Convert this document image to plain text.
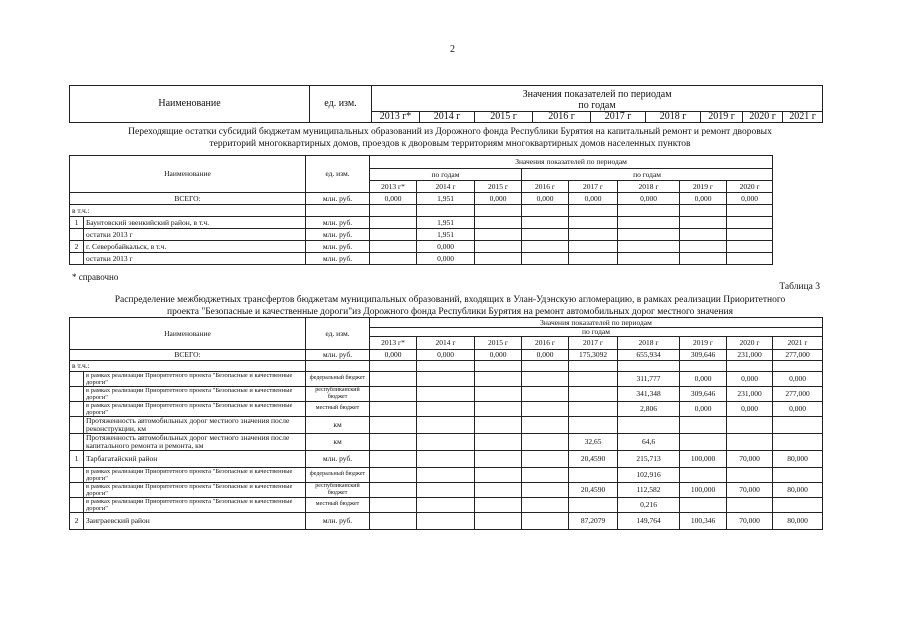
2
Наименование	ед. изм.	Значения показателей по периодам
по годам								

		2013 г*	2014 г	2015 г	2016 г	2017 г	2018 г	2019 г	2020 г	2021 г
Переходящие остатки субсидий бюджетам муниципальных образований из Дорожного фонда Республики Бурятия на капитальный ремонт и ремонт дворовых
территорий многоквартирных домов, проездов к дворовым территориям многоквартирных домов населенных пунктов
Наименование		ед. изм.	Значения показателей по периодам							
			по годам			по годам				
			2013 г*	2014 г	2015 г	2016 г	2017 г	2018 г	2019 г	2020 г
ВСЕГО:		млн. руб.	0,000	1,951	0,000	0,000	0,000	0,000	0,000	0,000
в т.ч.:										
1	Баунтовский эвенкийский район, в т.ч.	млн. руб.		1,951						
	остатки 2013 г	млн. руб.		1,951						
2	г. Северобайкальск, в т.ч.	млн. руб.		0,000						
	остатки 2013 г	млн. руб.		0,000						
* справочно
Таблица 3
Распределение межбюджетных трансфертов бюджетам муниципальных образований, входящих в Улан-Удэнскую агломерацию, в рамках реализации Приоритетного
проекта "Безопасные и качественные дороги"из Дорожного фонда Республики Бурятия на ремонт автомобильных дорог местного значения
Наименование		ед. изм.	Значения показателей по периодам								
			по годам								
			2013 г*	2014 г	2015 г	2016 г	2017 г	2018 г	2019 г	2020 г	2021 г
ВСЕГО:		млн. руб.	0,000	0,000	0,000	0,000	175,3092	655,934	309,646	231,000	277,000
в т.ч.:											
	в рамках реализации Приоритетного проекта "Безопасные и качественные дороги"	федеральный бюджет						311,777	0,000	0,000	0,000
	в рамках реализации Приоритетного проекта "Безопасные и качественные дороги"	республиканский бюджет						341,348	309,646	231,000	277,000
	в рамках реализации Приоритетного проекта "Безопасные и качественные дороги"	местный бюджет						2,806	0,000	0,000	0,000
	Протяженность автомобильных дорог местного значения после реконструкции, км	км									
	Протяженность автомобильных дорог местного значения после капитального ремонта и ремонта, км	км					32,65	64,6			
1	Тарбагатайский район	млн. руб.					20,4590	215,713	100,000	70,000	80,000
	в рамках реализации Приоритетного проекта "Безопасные и качественные дороги"	федеральный бюджет						102,916			
	в рамках реализации Приоритетного проекта "Безопасные и качественные дороги"	республиканский бюджет					20,4590	112,582	100,000	70,000	80,000
	в рамках реализации Приоритетного проекта "Безопасные и качественные дороги"	местный бюджет						0,216			
2	Заиграевский район	млн. руб.					87,2079	149,764	100,346	70,000	80,000
